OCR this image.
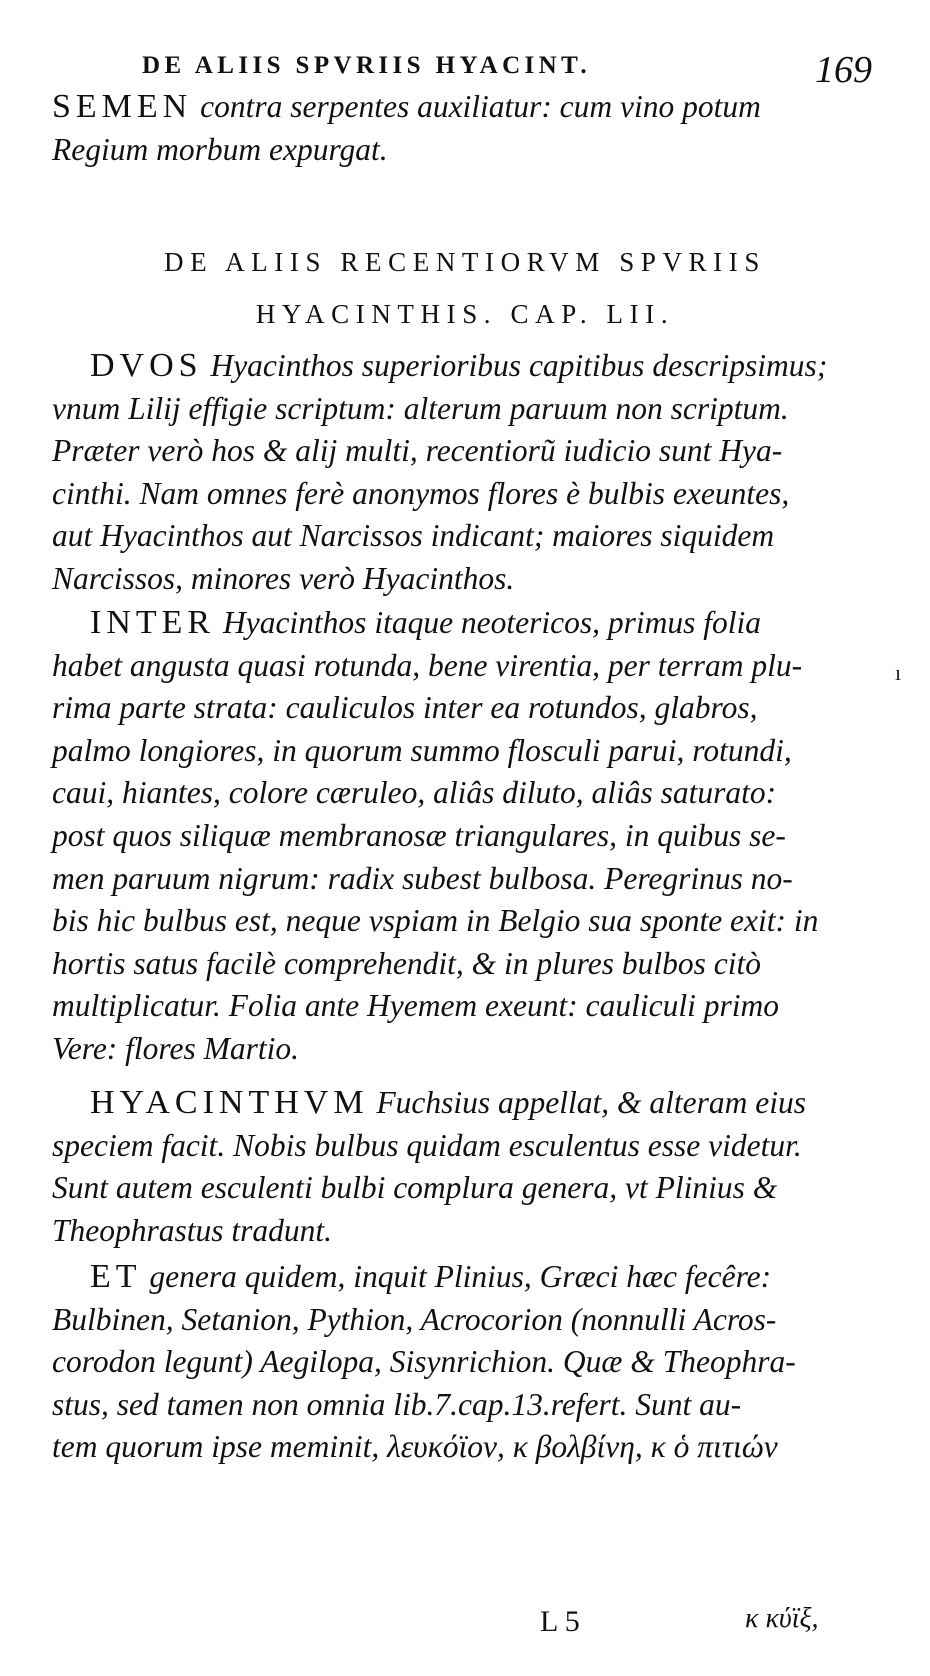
DE ALIIS SPVRIIS HYACINT.	169
SEMEN contra serpentes auxiliatur: cum vino potum
Regium morbum expurgat.
DE ALIIS RECENTIORVM SPVRIIS
HYACINTHIS. CAP. LII.
DVOS Hyacinthos superioribus capitibus descripsimus;
vnum Lilij effigie scriptum: alterum paruum non scriptum.
Præter verò hos & alij multi, recentiorũ iudicio sunt Hya-
cinthi. Nam omnes ferè anonymos flores è bulbis exeuntes,
aut Hyacinthos aut Narcissos indicant; maiores siquidem
Narcissos, minores verò Hyacinthos.
INTER Hyacinthos itaque neotericos, primus folia
habet angusta quasi rotunda, bene virentia, per terram plu-
rima parte strata: cauliculos inter ea rotundos, glabros,
palmo longiores, in quorum summo flosculi parui, rotundi,
caui, hiantes, colore cæruleo, aliâs diluto, aliâs saturato:
post quos siliquæ membranosæ triangulares, in quibus se-
men paruum nigrum: radix subest bulbosa. Peregrinus no-
bis hic bulbus est, neque vspiam in Belgio sua sponte exit: in
hortis satus facilè comprehendit, & in plures bulbos citò
multiplicatur. Folia ante Hyemem exeunt: cauliculi primo
Vere: flores Martio.
HYACINTHVM Fuchsius appellat, & alteram eius
speciem facit. Nobis bulbus quidam esculentus esse videtur.
Sunt autem esculenti bulbi complura genera, vt Plinius &
Theophrastus tradunt.
ET genera quidem, inquit Plinius, Græci hæc fecêre:
Bulbinen, Setanion, Pythion, Acrocorion (nonnulli Acros-
corodon legunt) Aegilopa, Sisynrichion. Quæ & Theophra-
stus, sed tamen non omnia lib.7.cap.13.refert. Sunt au-
tem quorum ipse meminit, λευκόϊον, κ βολβίνη, κ ὁ πιτιών
L 5	κ κύϊξ,
ı
